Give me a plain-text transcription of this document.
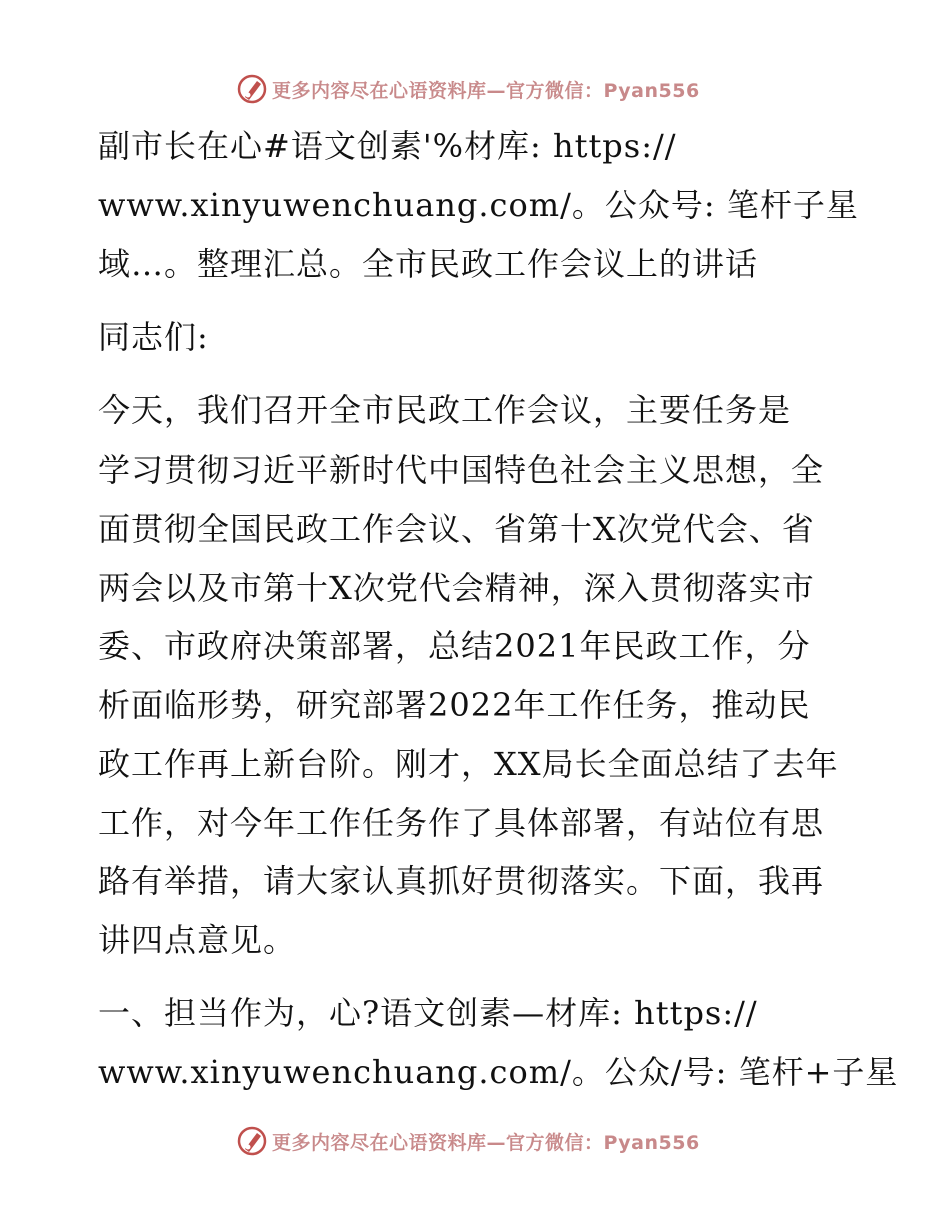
更多内容尽在心语资料库—官方微信：Pyan556
副市长在心#语文创素'%材库: https://
www.xinyuwenchuang.com/。公众号: 笔杆子星
域…。整理汇总。全市民政工作会议上的讲话
同志们:
今天，我们召开全市民政工作会议，主要任务是
学习贯彻习近平新时代中国特色社会主义思想，全
面贯彻全国民政工作会议、省第十X次党代会、省
两会以及市第十X次党代会精神，深入贯彻落实市
委、市政府决策部署，总结2021年民政工作，分
析面临形势，研究部署2022年工作任务，推动民
政工作再上新台阶。刚才，XX局长全面总结了去年
工作，对今年工作任务作了具体部署，有站位有思
路有举措，请大家认真抓好贯彻落实。下面，我再
讲四点意见。
一、担当作为，心?语文创素—材库: https://
www.xinyuwenchuang.com/。公众/号: 笔杆+子星
更多内容尽在心语资料库—官方微信：Pyan556
